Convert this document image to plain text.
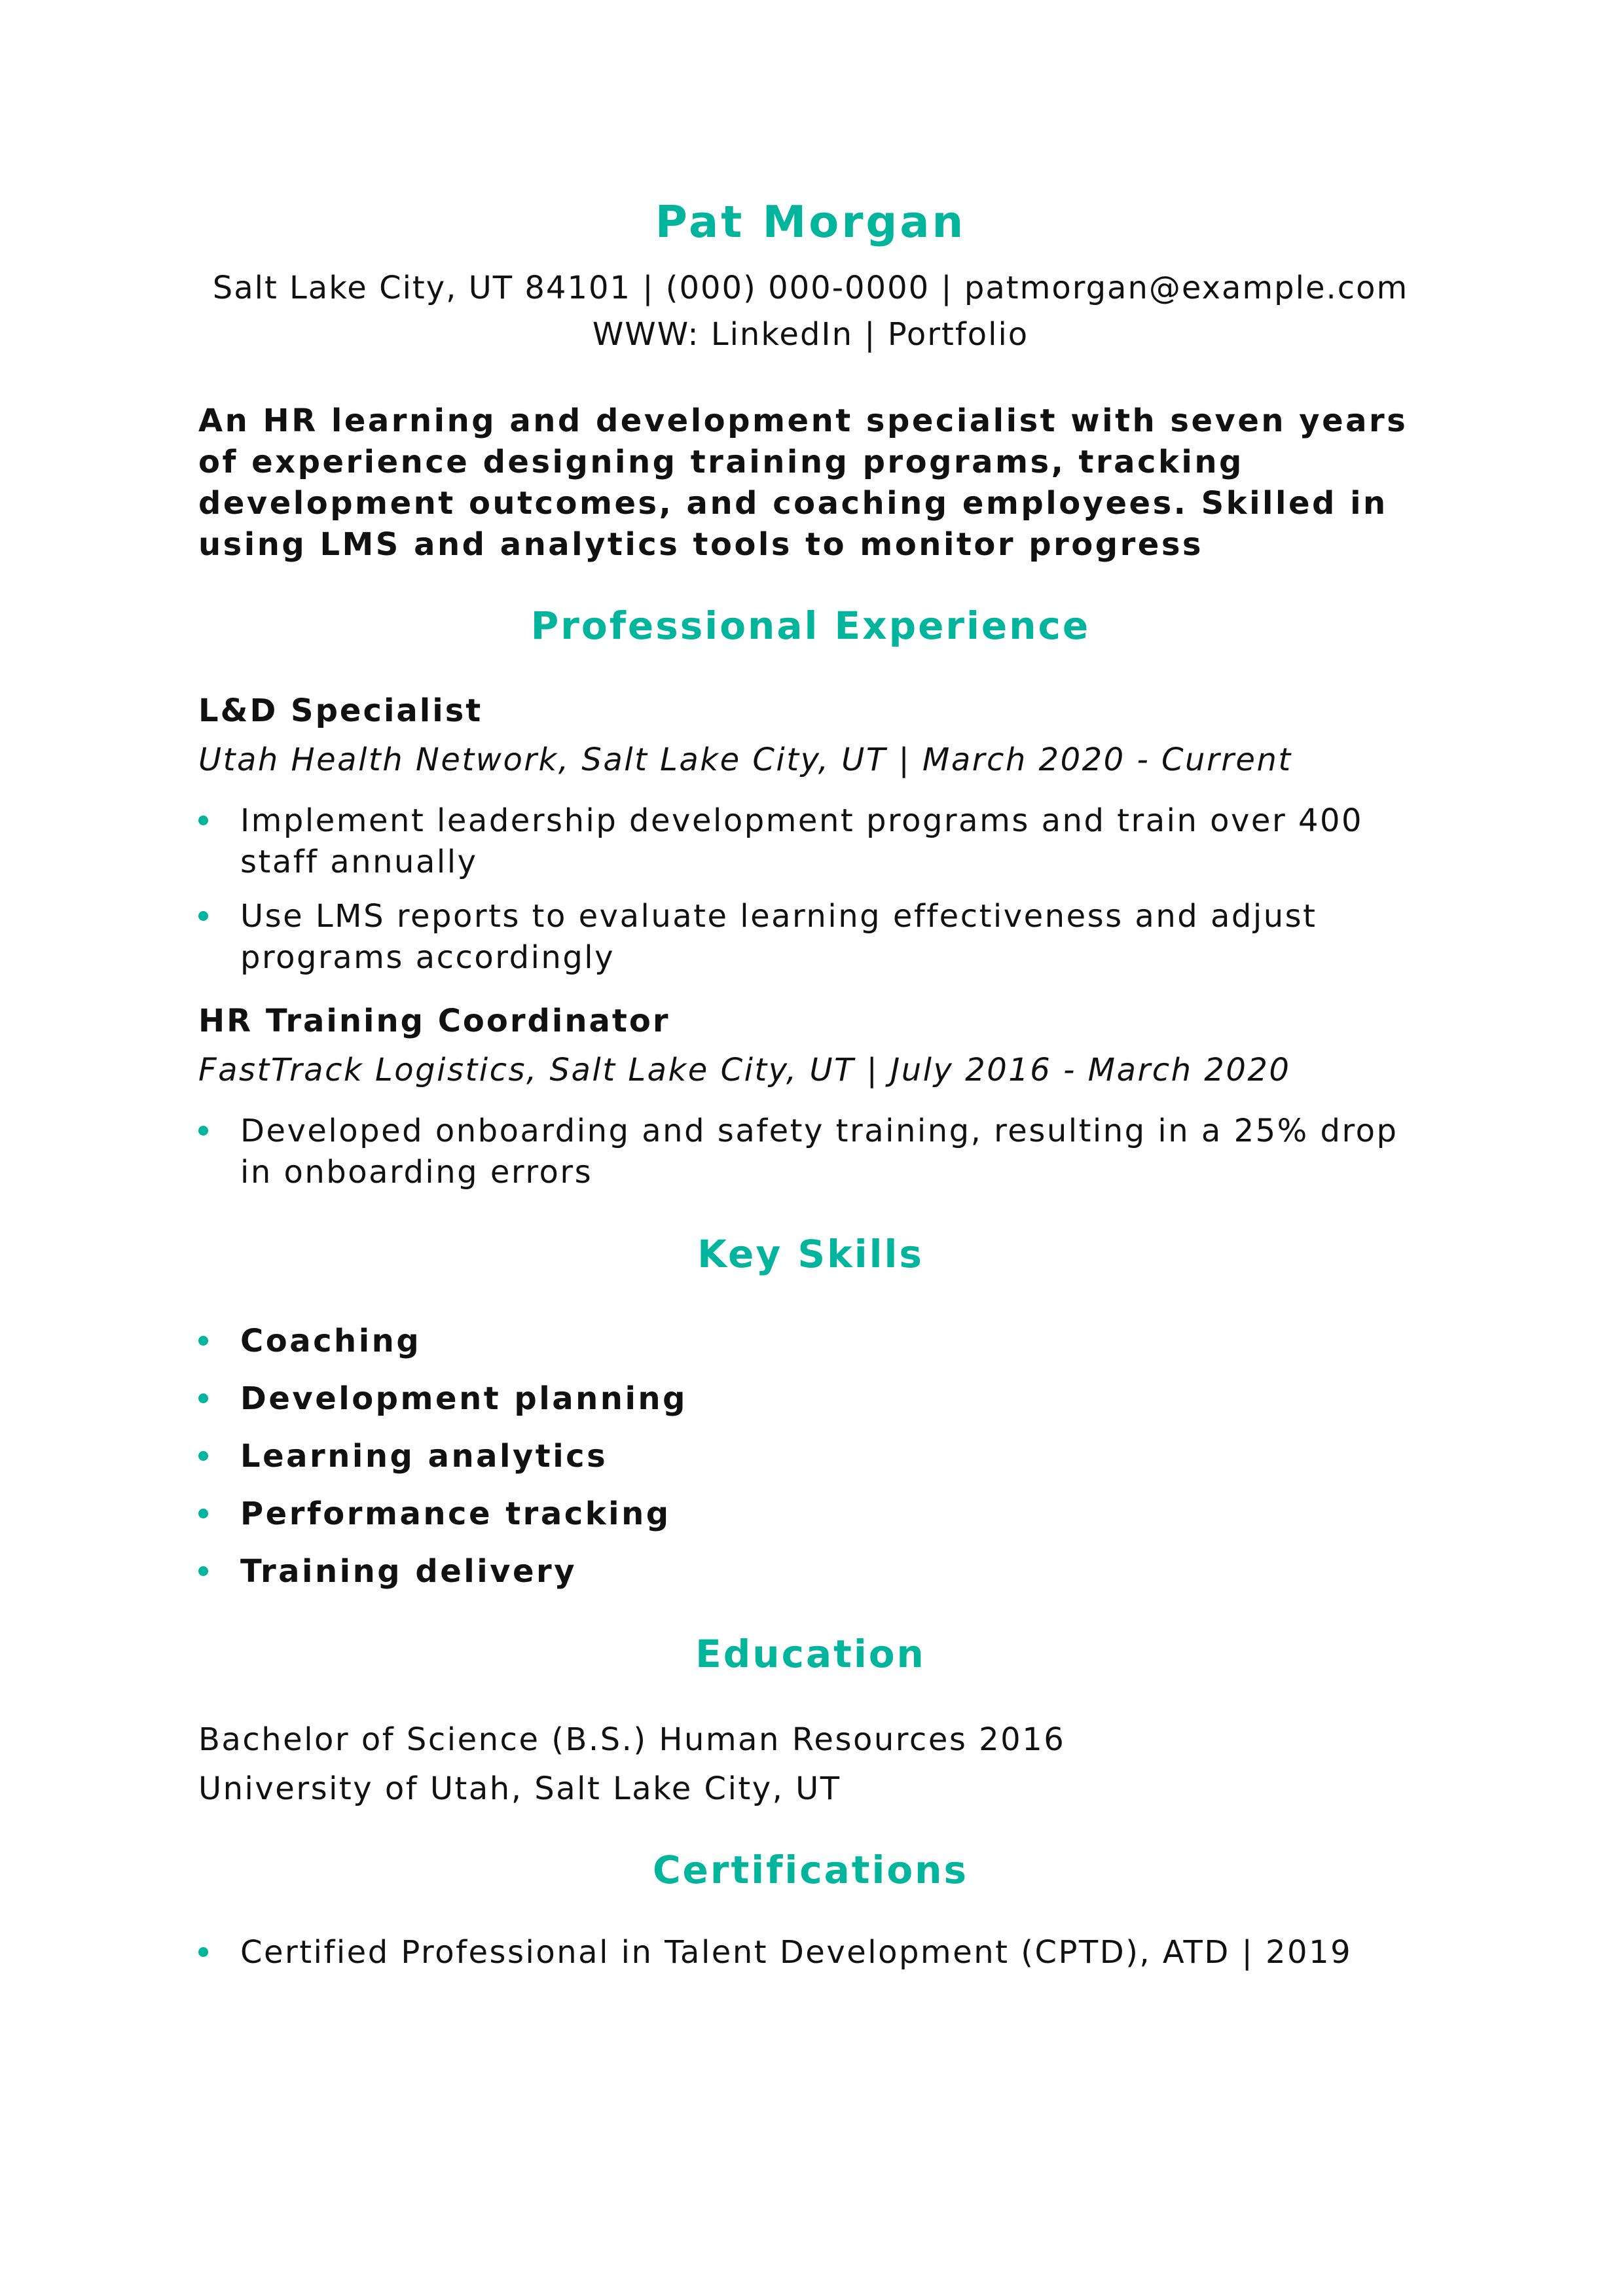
Pat Morgan

Salt Lake City, UT 84101 | (000) 000-0000 | patmorgan@example.com

WWW: LinkedIn | Portfolio

An HR learning and development specialist with seven years of experience designing training programs, tracking development outcomes, and coaching employees. Skilled in using LMS and analytics tools to monitor progress

Professional Experience

L&D Specialist

Utah Health Network, Salt Lake City, UT | March 2020 - Current

Implement leadership development programs and train over 400 staff annually
Use LMS reports to evaluate learning effectiveness and adjust programs accordingly

HR Training Coordinator

FastTrack Logistics, Salt Lake City, UT | July 2016 - March 2020

Developed onboarding and safety training, resulting in a 25% drop in onboarding errors
Key Skills
Coaching
Development planning
Learning analytics
Performance tracking
Training delivery
Education

Bachelor of Science (B.S.) Human Resources 2016

University of Utah, Salt Lake City, UT

Certifications
Certified Professional in Talent Development (CPTD), ATD | 2019
